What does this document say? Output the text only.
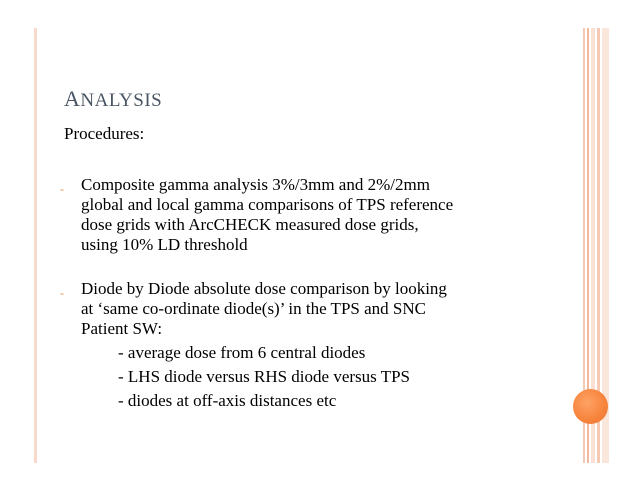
ANALYSIS
Procedures:
- Composite gamma analysis 3%/3mm and 2%/2mm
global and local gamma comparisons of TPS reference
dose grids with ArcCHECK measured dose grids,
using 10% LD threshold
- Diode by Diode absolute dose comparison by looking
at ‘same co-ordinate diode(s)’ in the TPS and SNC
Patient SW:
- average dose from 6 central diodes
- LHS diode versus RHS diode versus TPS
- diodes at off-axis distances etc
